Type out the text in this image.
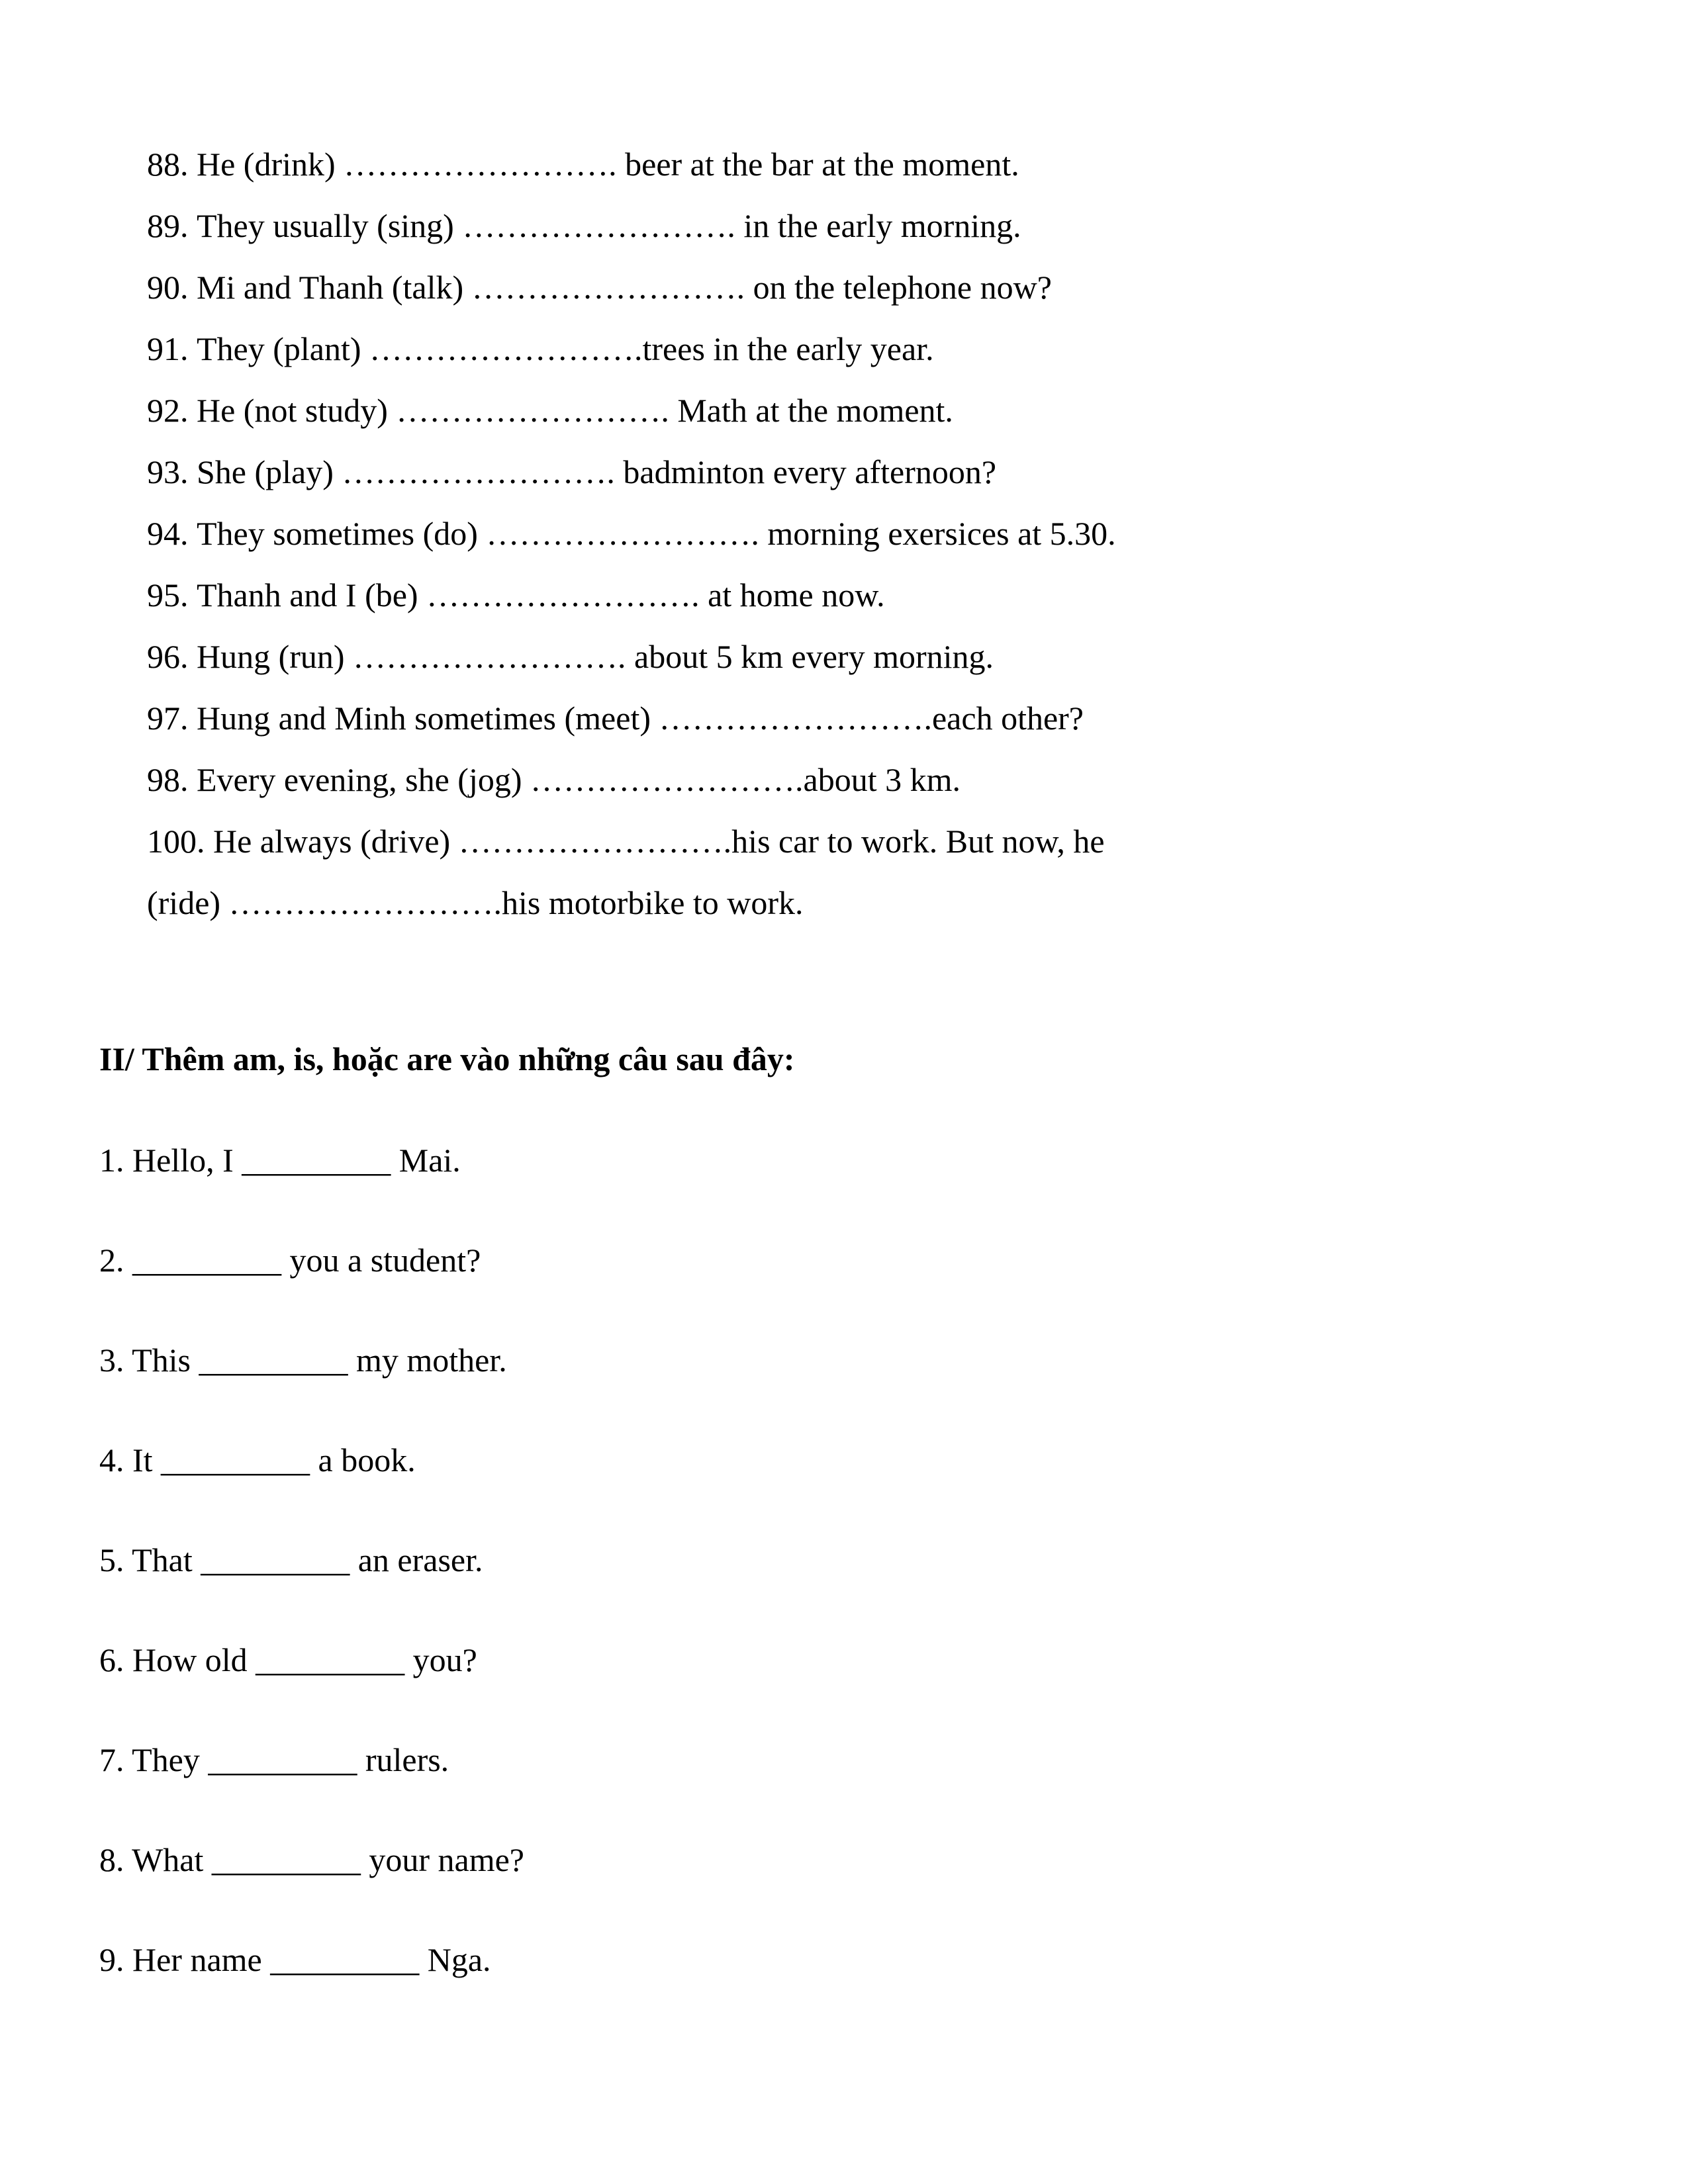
88. He (drink) ……………………. beer at the bar at the moment.
89. They usually (sing) ……………………. in the early morning.
90. Mi and Thanh (talk) ……………………. on the telephone now?
91. They (plant) …………………….trees in the early year.
92. He (not study) ……………………. Math at the moment.
93. She (play) ……………………. badminton every afternoon?
94. They sometimes (do) ……………………. morning exersices at 5.30.
95. Thanh and I (be) ……………………. at home now.
96. Hung (run) ……………………. about 5 km every morning.
97. Hung and Minh sometimes (meet) …………………….each other?
98. Every evening, she (jog) …………………….about 3 km.
100. He always (drive) …………………….his car to work. But now, he
(ride) …………………….his motorbike to work.
II/ Thêm am, is, hoặc are vào những câu sau đây:
1. Hello, I _________ Mai.
2. _________ you a student?
3. This _________ my mother.
4. It _________ a book.
5. That _________ an eraser.
6. How old _________ you?
7. They _________ rulers.
8. What _________ your name?
9. Her name _________ Nga.
